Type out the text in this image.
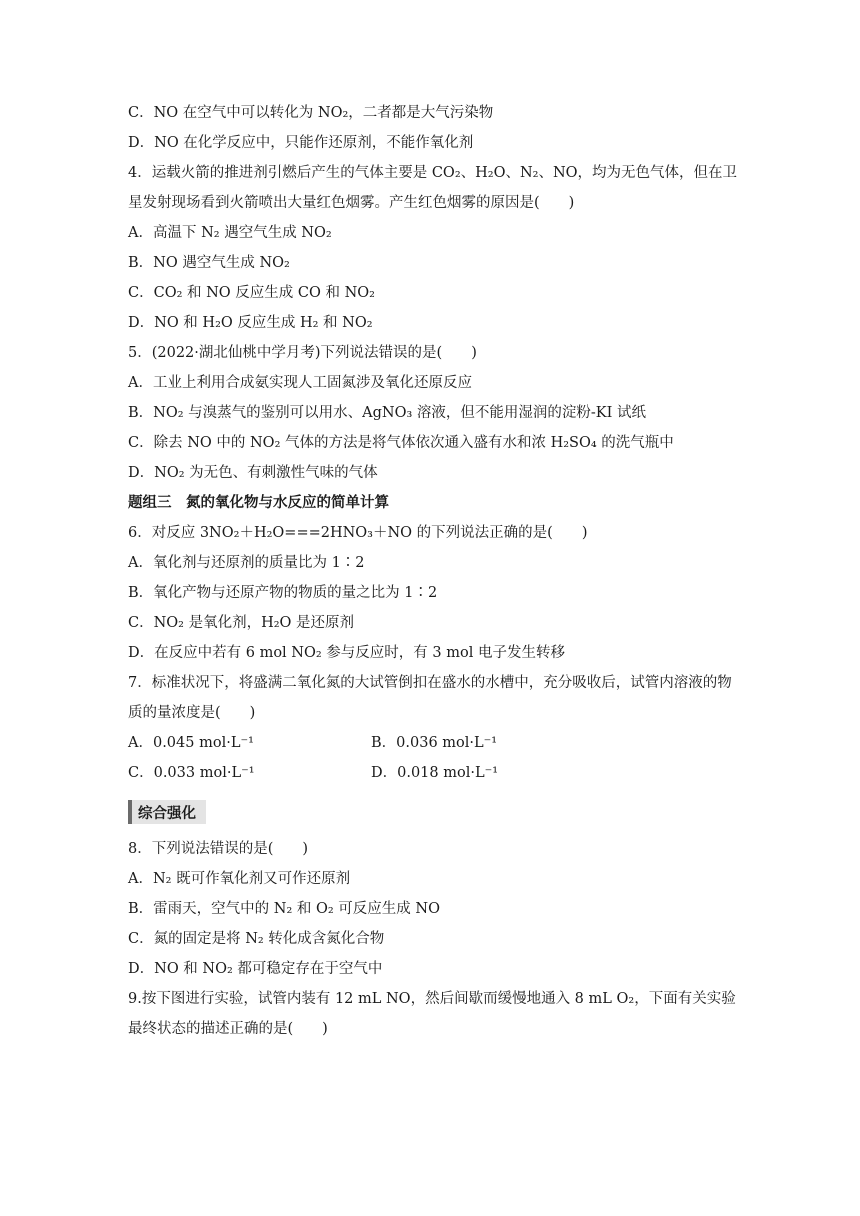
C．NO 在空气中可以转化为 NO₂，二者都是大气污染物
D．NO 在化学反应中，只能作还原剂，不能作氧化剂
4．运载火箭的推进剂引燃后产生的气体主要是 CO₂、H₂O、N₂、NO，均为无色气体，但在卫星发射现场看到火箭喷出大量红色烟雾。产生红色烟雾的原因是(　　)
A．高温下 N₂ 遇空气生成 NO₂
B．NO 遇空气生成 NO₂
C．CO₂ 和 NO 反应生成 CO 和 NO₂
D．NO 和 H₂O 反应生成 H₂ 和 NO₂
5．(2022·湖北仙桃中学月考)下列说法错误的是(　　)
A．工业上利用合成氨实现人工固氮涉及氧化还原反应
B．NO₂ 与溴蒸气的鉴别可以用水、AgNO₃ 溶液，但不能用湿润的淀粉-KI 试纸
C．除去 NO 中的 NO₂ 气体的方法是将气体依次通入盛有水和浓 H₂SO₄ 的洗气瓶中
D．NO₂ 为无色、有刺激性气味的气体
题组三　氮的氧化物与水反应的简单计算
6．对反应 3NO₂＋H₂O===2HNO₃＋NO 的下列说法正确的是(　　)
A．氧化剂与还原剂的质量比为 1∶2
B．氧化产物与还原产物的物质的量之比为 1∶2
C．NO₂ 是氧化剂，H₂O 是还原剂
D．在反应中若有 6 mol NO₂ 参与反应时，有 3 mol 电子发生转移
7．标准状况下，将盛满二氧化氮的大试管倒扣在盛水的水槽中，充分吸收后，试管内溶液的物质的量浓度是(　　)
A．0.045 mol·L⁻¹	B．0.036 mol·L⁻¹
C．0.033 mol·L⁻¹	D．0.018 mol·L⁻¹
综合强化
8．下列说法错误的是(　　)
A．N₂ 既可作氧化剂又可作还原剂
B．雷雨天，空气中的 N₂ 和 O₂ 可反应生成 NO
C．氮的固定是将 N₂ 转化成含氮化合物
D．NO 和 NO₂ 都可稳定存在于空气中
9.按下图进行实验，试管内装有 12 mL NO，然后间歇而缓慢地通入 8 mL O₂，下面有关实验最终状态的描述正确的是(　　)
